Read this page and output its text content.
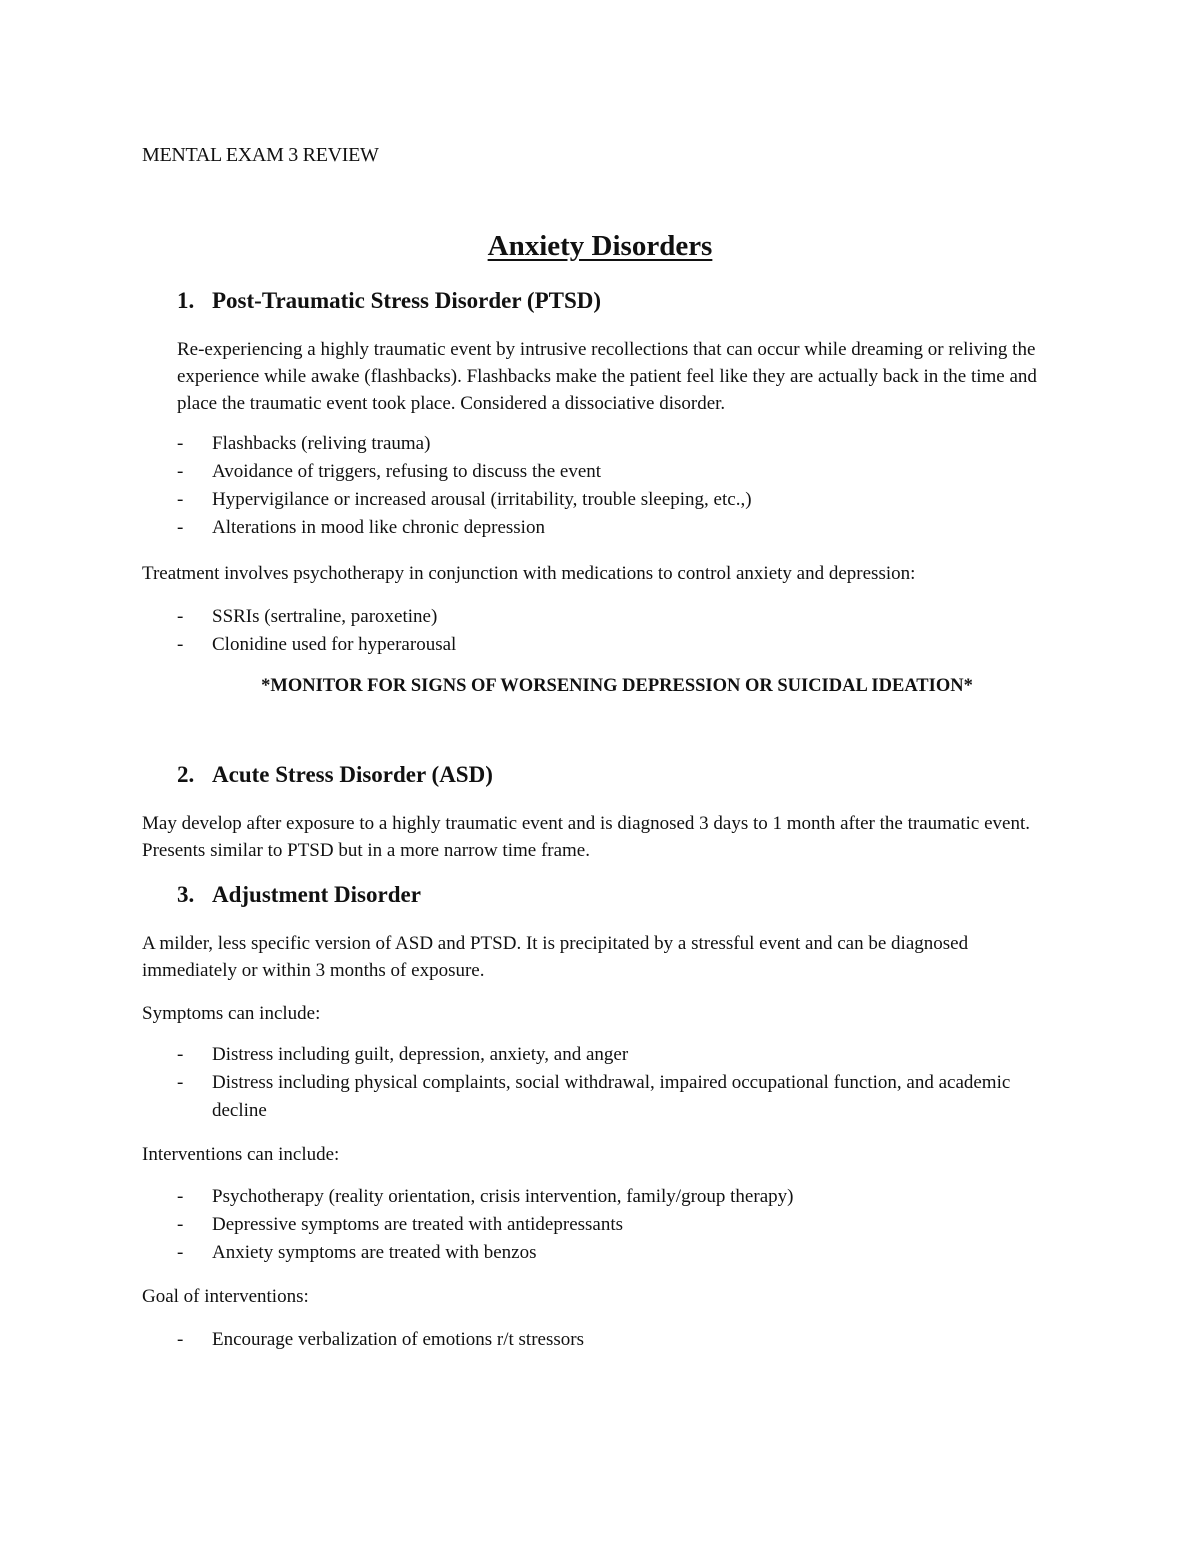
MENTAL EXAM 3 REVIEW

Anxiety Disorders
1. Post-Traumatic Stress Disorder (PTSD)

Re-experiencing a highly traumatic event by intrusive recollections that can occur while dreaming or reliving the experience while awake (flashbacks). Flashbacks make the patient feel like they are actually back in the time and place the traumatic event took place. Considered a dissociative disorder.

- Flashbacks (reliving trauma)
- Avoidance of triggers, refusing to discuss the event
- Hypervigilance or increased arousal (irritability, trouble sleeping, etc.,)
- Alterations in mood like chronic depression

Treatment involves psychotherapy in conjunction with medications to control anxiety and depression:

- SSRIs (sertraline, paroxetine)
- Clonidine used for hyperarousal

*MONITOR FOR SIGNS OF WORSENING DEPRESSION OR SUICIDAL IDEATION*

2. Acute Stress Disorder (ASD)

May develop after exposure to a highly traumatic event and is diagnosed 3 days to 1 month after the traumatic event. Presents similar to PTSD but in a more narrow time frame.

3. Adjustment Disorder

A milder, less specific version of ASD and PTSD. It is precipitated by a stressful event and can be diagnosed immediately or within 3 months of exposure.

Symptoms can include:

- Distress including guilt, depression, anxiety, and anger
- Distress including physical complaints, social withdrawal, impaired occupational function, and academic decline

Interventions can include:

- Psychotherapy (reality orientation, crisis intervention, family/group therapy)
- Depressive symptoms are treated with antidepressants
- Anxiety symptoms are treated with benzos

Goal of interventions:

- Encourage verbalization of emotions r/t stressors
